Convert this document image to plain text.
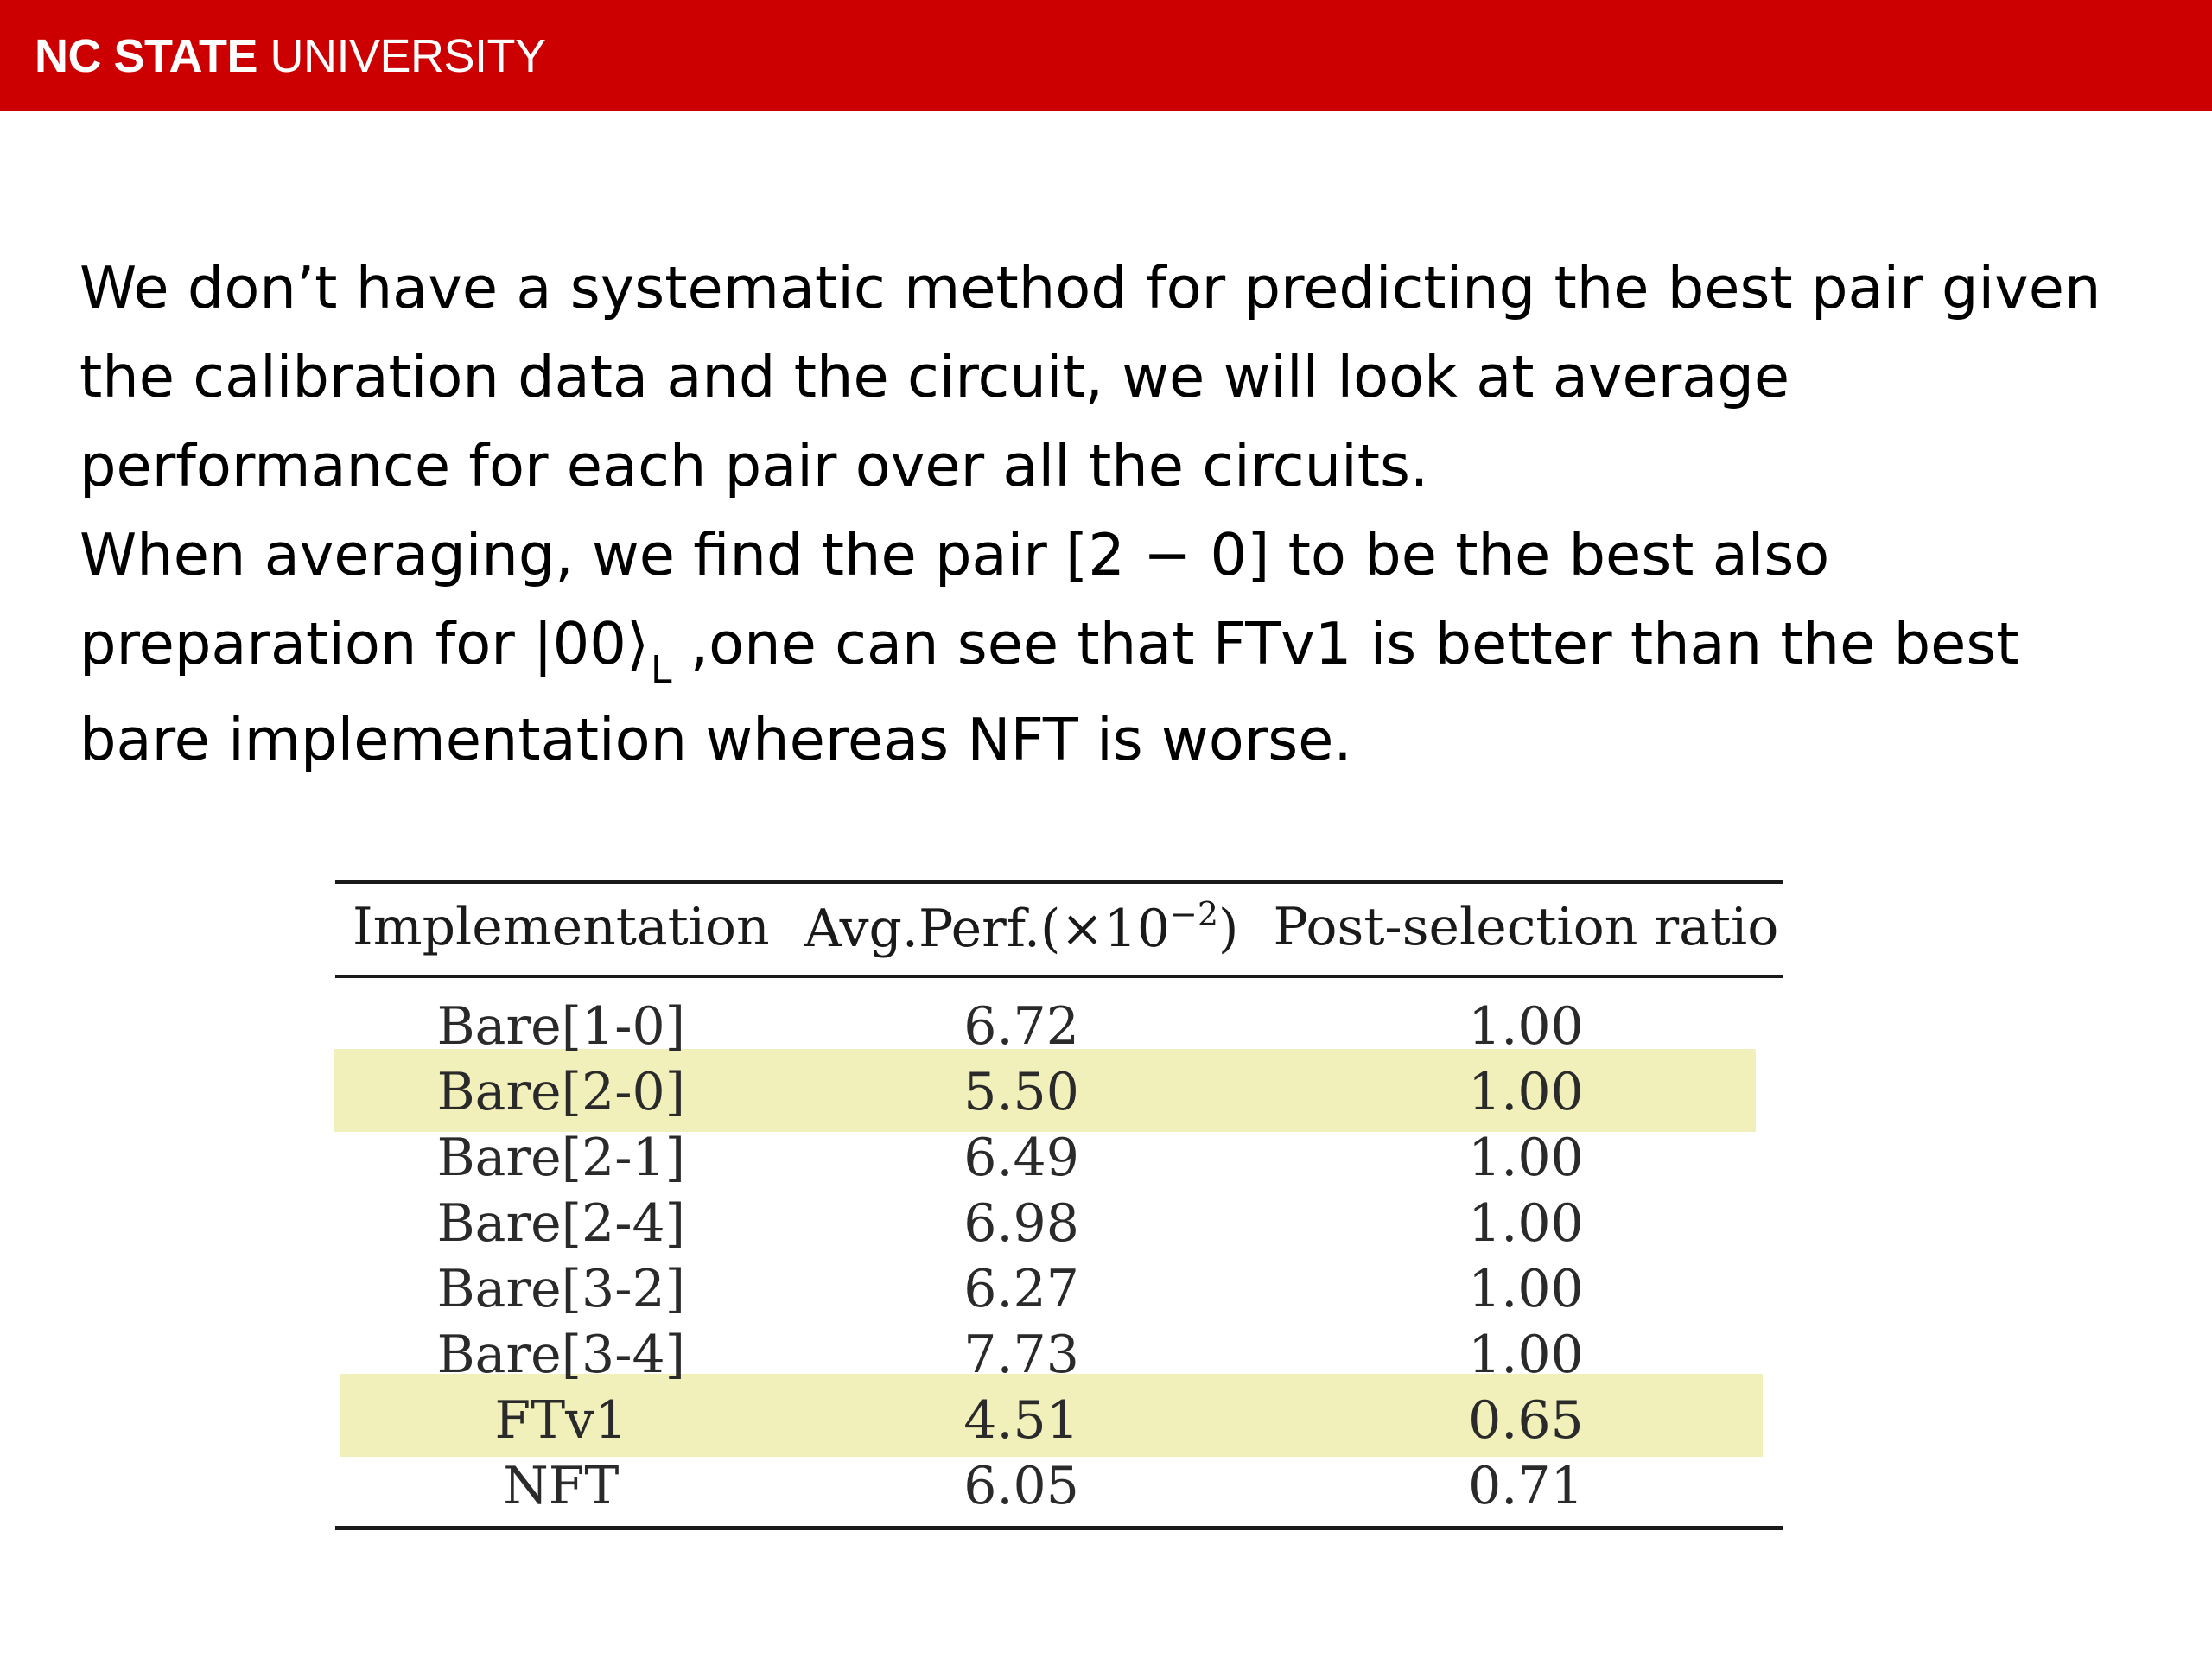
NC STATE UNIVERSITY
We don’t have a systematic method for predicting the best pair given
the calibration data and the circuit, we will look at average
performance for each pair over all the circuits.
When averaging, we find the pair [2 − 0] to be the best also
preparation for $|00⟩_L$ ,one can see that FTv1 is better than the best
bare implementation whereas NFT is worse.
Implementation	$Avg.Perf.(\times 10^{-2})$	Post-selection ratio
Bare[1-0]	6.72	1.00
Bare[2-0]	5.50	1.00
Bare[2-1]	6.49	1.00
Bare[2-4]	6.98	1.00
Bare[3-2]	6.27	1.00
Bare[3-4]	7.73	1.00
FTv1	4.51	0.65
NFT	6.05	0.71
